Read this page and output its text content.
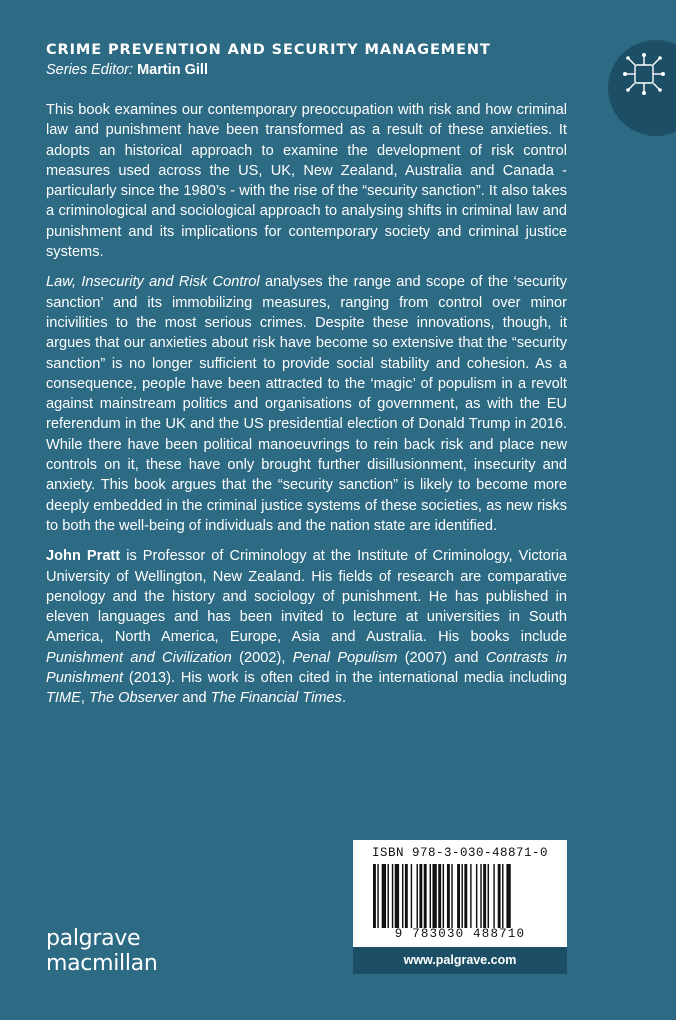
CRIME PREVENTION AND SECURITY MANAGEMENT
Series Editor: Martin Gill

This book examines our contemporary preoccupation with risk and how criminal law and punishment have been transformed as a result of these anxieties. It adopts an historical approach to examine the development of risk control measures used across the US, UK, New Zealand, Australia and Canada - particularly since the 1980’s - with the rise of the “security sanction”. It also takes a criminological and sociological approach to analysing shifts in criminal law and punishment and its implications for contemporary society and criminal justice systems.

Law, Insecurity and Risk Control analyses the range and scope of the ‘security sanction’ and its immobilizing measures, ranging from control over minor incivilities to the most serious crimes. Despite these innovations, though, it argues that our anxieties about risk have become so extensive that the “security sanction” is no longer sufficient to provide social stability and cohesion. As a consequence, people have been attracted to the ‘magic’ of populism in a revolt against mainstream politics and organisations of government, as with the EU referendum in the UK and the US presidential election of Donald Trump in 2016. While there have been political manoeuvrings to rein back risk and place new controls on it, these have only brought further disillusionment, insecurity and anxiety. This book argues that the “security sanction” is likely to become more deeply embedded in the criminal justice systems of these societies, as new risks to both the well-being of individuals and the nation state are identified.

John Pratt is Professor of Criminology at the Institute of Criminology, Victoria University of Wellington, New Zealand. His fields of research are comparative penology and the history and sociology of punishment. He has published in eleven languages and has been invited to lecture at universities in South America, North America, Europe, Asia and Australia. His books include Punishment and Civilization (2002), Penal Populism (2007) and Contrasts in Punishment (2013). His work is often cited in the international media including TIME, The Observer and The Financial Times.

ISBN 978-3-030-48871-0
9 783030 488710
www.palgrave.com
palgrave
macmillan
